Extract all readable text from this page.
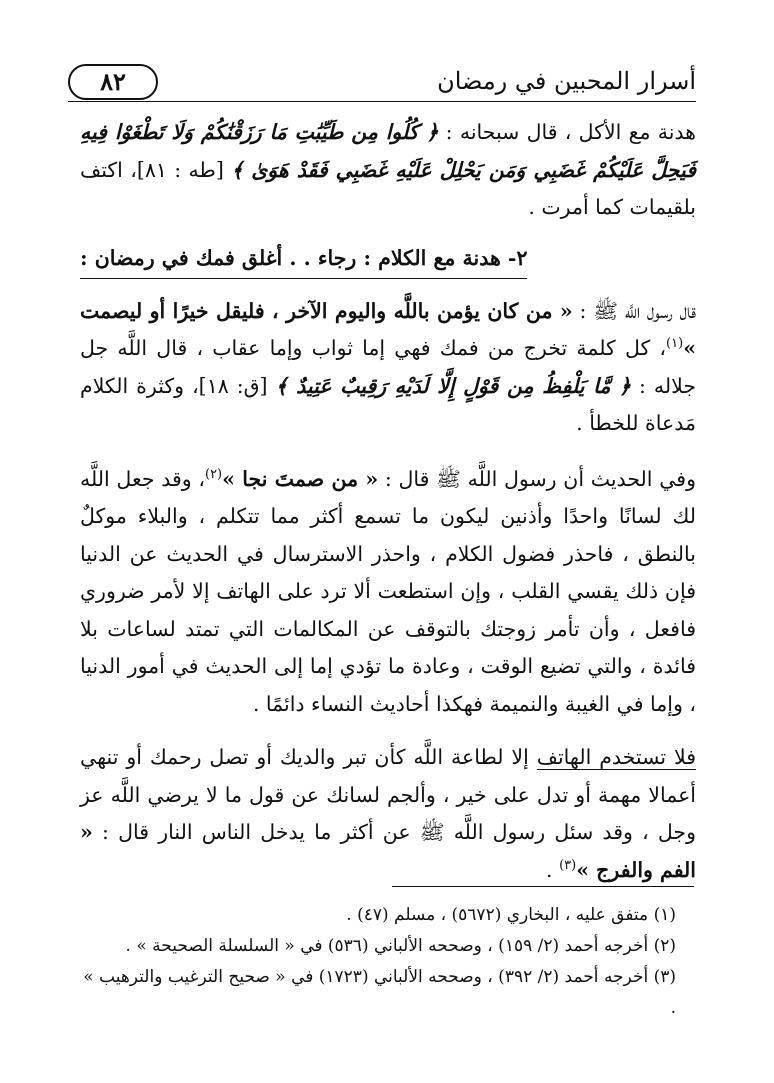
أسرار المحبين في رمضان
٨٢

هدنة مع الأكل ، قال سبحانه : ﴿ كُلُوا مِن طَيِّبَٰتِ مَا رَزَقْنَٰكُمْ وَلَا تَطْغَوْا فِيهِ فَيَحِلَّ عَلَيْكُمْ غَضَبِي وَمَن يَحْلِلْ عَلَيْهِ غَضَبِي فَقَدْ هَوَىٰ ﴾ [طه : ٨١]، اكتف بلقيمات كما أمرت .

٢- هدنة مع الكلام : رجاء . . أغلق فمك في رمضان :

قال رسول اللَّه ﷺ : « من كان يؤمن باللَّه واليوم الآخر ، فليقل خيرًا أو ليصمت »$^{(١)}$، كل كلمة تخرج من فمك فهي إما ثواب وإما عقاب ، قال اللَّه جل جلاله : ﴿ مَّا يَلْفِظُ مِن قَوْلٍ إِلَّا لَدَيْهِ رَقِيبٌ عَتِيدٌ ﴾ [ق: ١٨]، وكثرة الكلام مَدعاة للخطأ .

وفي الحديث أن رسول اللَّه ﷺ قال : « من صمتَ نجا »$^{(٢)}$، وقد جعل اللَّه لك لسانًا واحدًا وأذنين ليكون ما تسمع أكثر مما تتكلم ، والبلاء موكلٌ بالنطق ، فاحذر فضول الكلام ، واحذر الاسترسال في الحديث عن الدنيا فإن ذلك يقسي القلب ، وإن استطعت ألا ترد على الهاتف إلا لأمر ضروري فافعل ، وأن تأمر زوجتك بالتوقف عن المكالمات التي تمتد لساعات بلا فائدة ، والتي تضيع الوقت ، وعادة ما تؤدي إما إلى الحديث في أمور الدنيا ، وإما في الغيبة والنميمة فهكذا أحاديث النساء دائمًا .

فلا تستخدم الهاتف إلا لطاعة اللَّه كأن تبر والديك أو تصل رحمك أو تنهي أعمالا مهمة أو تدل على خير ، وألجم لسانك عن قول ما لا يرضي اللَّه عز وجل ، وقد سئل رسول اللَّه ﷺ عن أكثر ما يدخل الناس النار قال : « الفم والفرج »$^{(٣)}$ .

(١) متفق عليه ، البخاري (٥٦٧٢) ، مسلم (٤٧) .

(٢) أخرجه أحمد (٢/ ١٥٩) ، وصححه الألباني (٥٣٦) في « السلسلة الصحيحة » .

(٣) أخرجه أحمد (٢/ ٣٩٢) ، وصححه الألباني (١٧٢٣) في « صحيح الترغيب والترهيب » .
